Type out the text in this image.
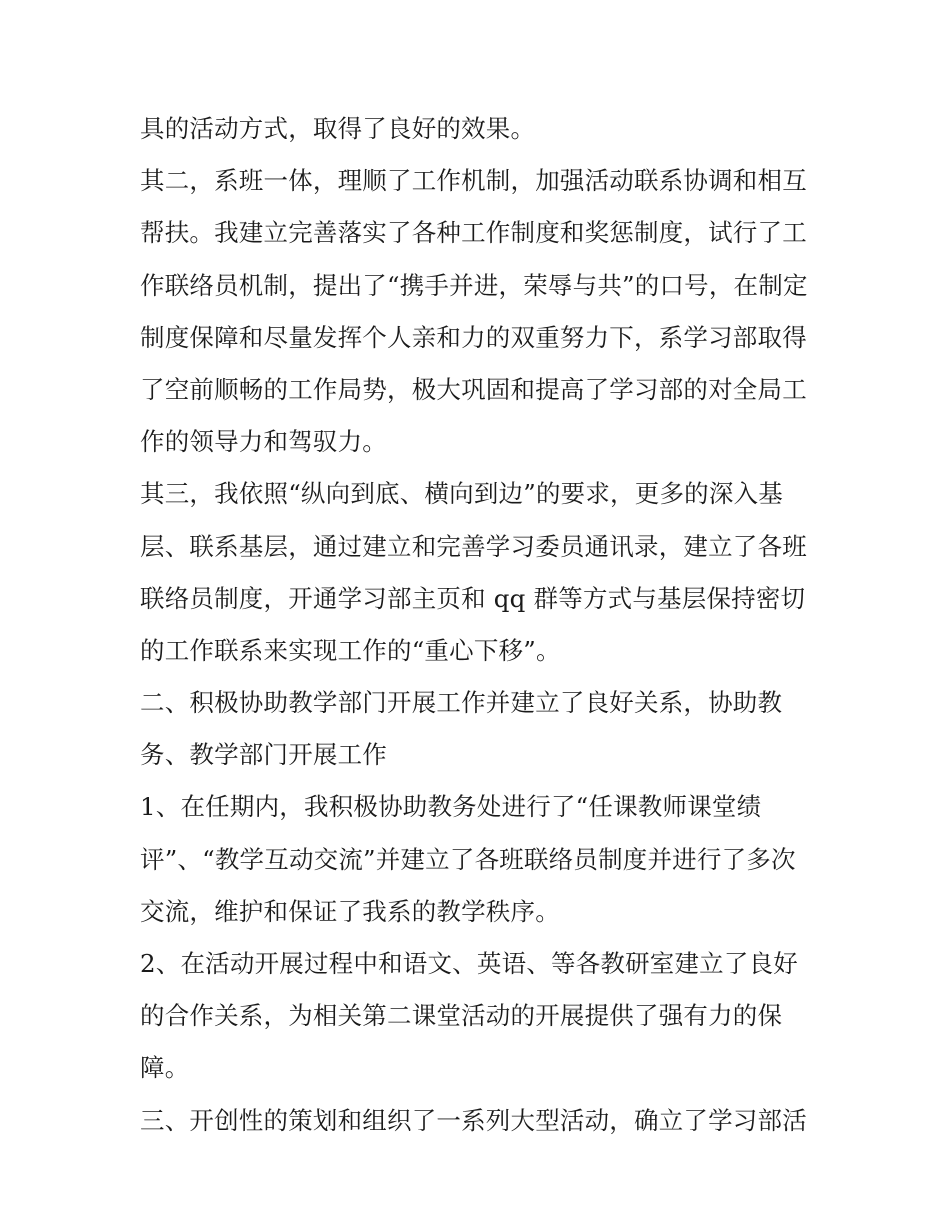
具的活动方式，取得了良好的效果。
其二，系班一体，理顺了工作机制，加强活动联系协调和相互
帮扶。我建立完善落实了各种工作制度和奖惩制度，试行了工
作联络员机制，提出了“携手并进，荣辱与共”的口号，在制定
制度保障和尽量发挥个人亲和力的双重努力下，系学习部取得
了空前顺畅的工作局势，极大巩固和提高了学习部的对全局工
作的领导力和驾驭力。
其三，我依照“纵向到底、横向到边”的要求，更多的深入基
层、联系基层，通过建立和完善学习委员通讯录，建立了各班
联络员制度，开通学习部主页和 qq 群等方式与基层保持密切
的工作联系来实现工作的“重心下移”。
二、积极协助教学部门开展工作并建立了良好关系，协助教
务、教学部门开展工作
1、在任期内，我积极协助教务处进行了“任课教师课堂绩
评”、“教学互动交流”并建立了各班联络员制度并进行了多次
交流，维护和保证了我系的教学秩序。
2、在活动开展过程中和语文、英语、等各教研室建立了良好
的合作关系，为相关第二课堂活动的开展提供了强有力的保
障。
三、开创性的策划和组织了一系列大型活动，确立了学习部活
